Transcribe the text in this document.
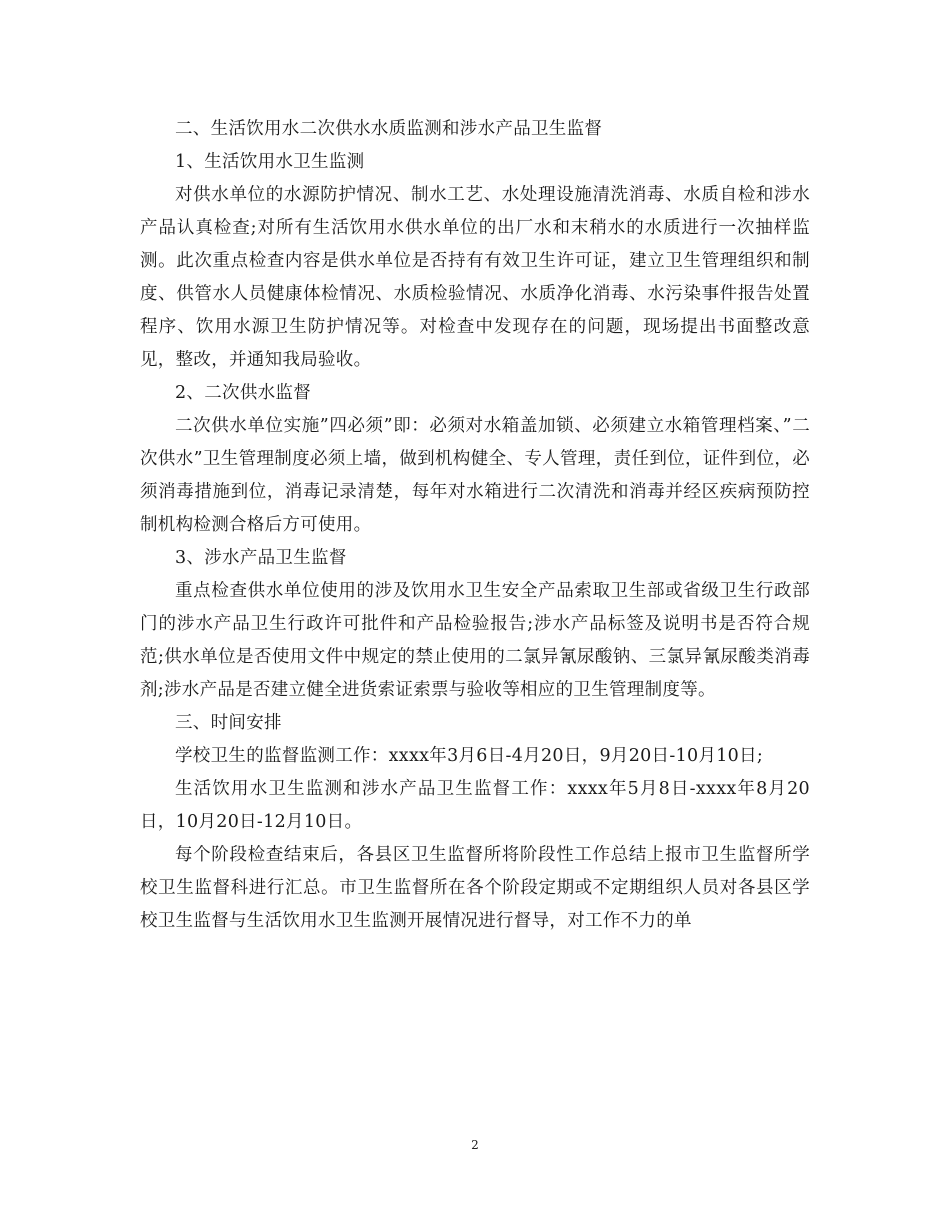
二、生活饮用水二次供水水质监测和涉水产品卫生监督

1、生活饮用水卫生监测

对供水单位的水源防护情况、制水工艺、水处理设施清洗消毒、水质自检和涉水产品认真检查;对所有生活饮用水供水单位的出厂水和末稍水的水质进行一次抽样监测。此次重点检查内容是供水单位是否持有有效卫生许可证，建立卫生管理组织和制度、供管水人员健康体检情况、水质检验情况、水质净化消毒、水污染事件报告处置程序、饮用水源卫生防护情况等。对检查中发现存在的问题，现场提出书面整改意见，整改，并通知我局验收。

2、二次供水监督

二次供水单位实施”四必须”即：必须对水箱盖加锁、必须建立水箱管理档案、”二次供水”卫生管理制度必须上墙，做到机构健全、专人管理，责任到位，证件到位，必须消毒措施到位，消毒记录清楚，每年对水箱进行二次清洗和消毒并经区疾病预防控制机构检测合格后方可使用。

3、涉水产品卫生监督

重点检查供水单位使用的涉及饮用水卫生安全产品索取卫生部或省级卫生行政部门的涉水产品卫生行政许可批件和产品检验报告;涉水产品标签及说明书是否符合规范;供水单位是否使用文件中规定的禁止使用的二氯异氰尿酸钠、三氯异氰尿酸类消毒剂;涉水产品是否建立健全进货索证索票与验收等相应的卫生管理制度等。

三、时间安排

学校卫生的监督监测工作：xxxx年3月6日-4月20日，9月20日-10月10日;

生活饮用水卫生监测和涉水产品卫生监督工作：xxxx年5月8日-xxxx年8月20日，10月20日-12月10日。

每个阶段检查结束后，各县区卫生监督所将阶段性工作总结上报市卫生监督所学校卫生监督科进行汇总。市卫生监督所在各个阶段定期或不定期组织人员对各县区学校卫生监督与生活饮用水卫生监测开展情况进行督导，对工作不力的单

2
